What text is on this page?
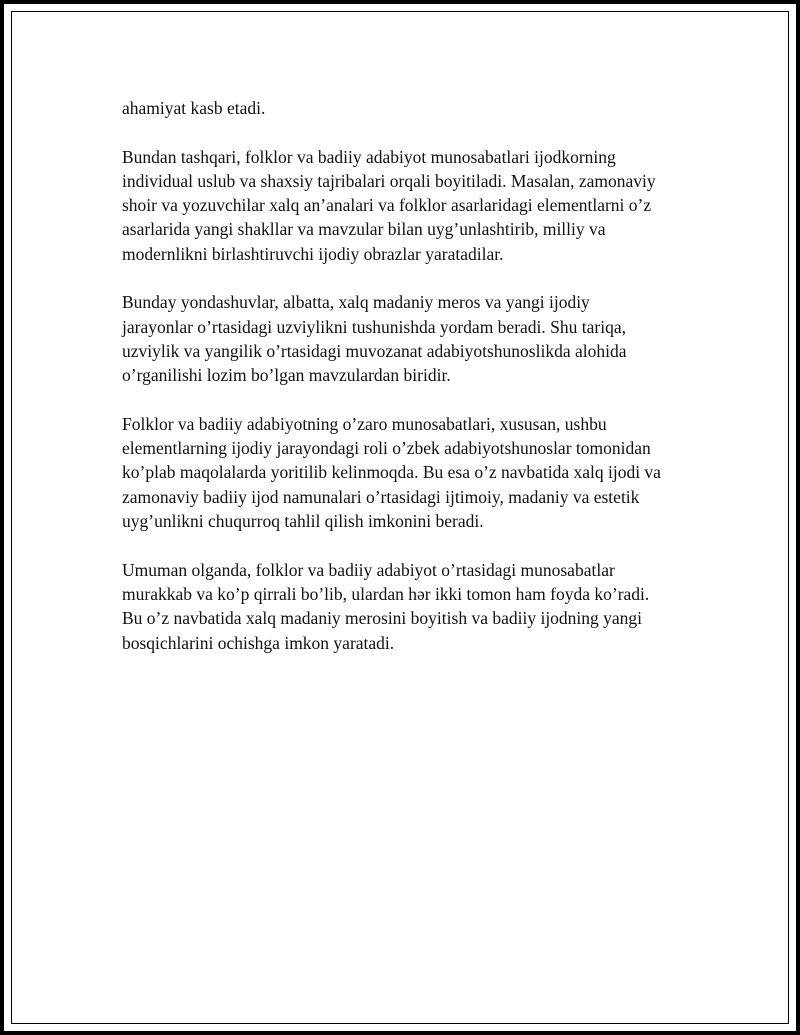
ahamiyat kasb etadi.

Bundan tashqari, folklor va badiiy adabiyot munosabatlari ijodkorning
individual uslub va shaxsiy tajribalari orqali boyitiladi. Masalan, zamonaviy
shoir va yozuvchilar xalq an’analari va folklor asarlaridagi elementlarni o’z
asarlarida yangi shakllar va mavzular bilan uyg’unlashtirib, milliy va
modernlikni birlashtiruvchi ijodiy obrazlar yaratadilar.

Bunday yondashuvlar, albatta, xalq madaniy meros va yangi ijodiy
jarayonlar o’rtasidagi uzviylikni tushunishda yordam beradi. Shu tariqa,
uzviylik va yangilik o’rtasidagi muvozanat adabiyotshunoslikda alohida
o’rganilishi lozim bo’lgan mavzulardan biridir.

Folklor va badiiy adabiyotning o’zaro munosabatlari, xususan, ushbu
elementlarning ijodiy jarayondagi roli o’zbek adabiyotshunoslar tomonidan
ko’plab maqolalarda yoritilib kelinmoqda. Bu esa o’z navbatida xalq ijodi va
zamonaviy badiiy ijod namunalari o’rtasidagi ijtimoiy, madaniy va estetik
uyg’unlikni chuqurroq tahlil qilish imkonini beradi.

Umuman olganda, folklor va badiiy adabiyot o’rtasidagi munosabatlar
murakkab va ko’p qirrali bo’lib, ulardan hər ikki tomon ham foyda ko’radi.
Bu o’z navbatida xalq madaniy merosini boyitish va badiiy ijodning yangi
bosqichlarini ochishga imkon yaratadi.
